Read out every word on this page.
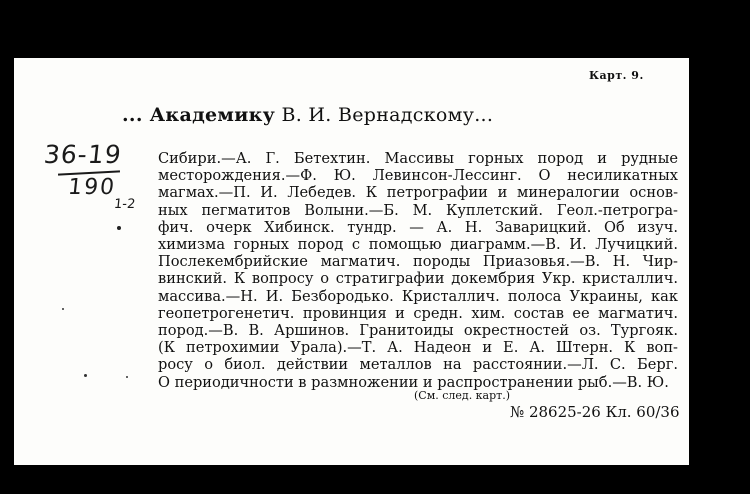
Карт. 9.
... Академику В. И. Вернадскому...
36-19
190
1-2
Сибири.—А. Г. Бетехтин. Массивы горных пород и рудные
месторождения.—Ф. Ю. Левинсон-Лессинг. О несиликатных
магмах.—П. И. Лебедев. К петрографии и минералогии основ-
ных пегматитов Волыни.—Б. М. Куплетский. Геол.-петрогра-
фич. очерк Хибинск. тундр. — А. Н. Заварицкий. Об изуч.
химизма горных пород с помощью диаграмм.—В. И. Лучицкий.
Послекембрийские магматич. породы Приазовья.—В. Н. Чир-
винский. К вопросу о стратиграфии докембрия Укр. кристаллич.
массива.—Н. И. Безбородько. Кристаллич. полоса Украины, как
геопетрогенетич. провинция и средн. хим. состав ее магматич.
пород.—В. В. Аршинов. Гранитоиды окрестностей оз. Тургояк.
(К петрохимии Урала).—Т. А. Надеон и Е. А. Штерн. К воп-
росу о биол. действии металлов на расстоянии.—Л. С. Берг.
О периодичности в размножении и распространении рыб.—В. Ю.
(См. след. карт.)
№ 28625-26 Кл. 60/36
